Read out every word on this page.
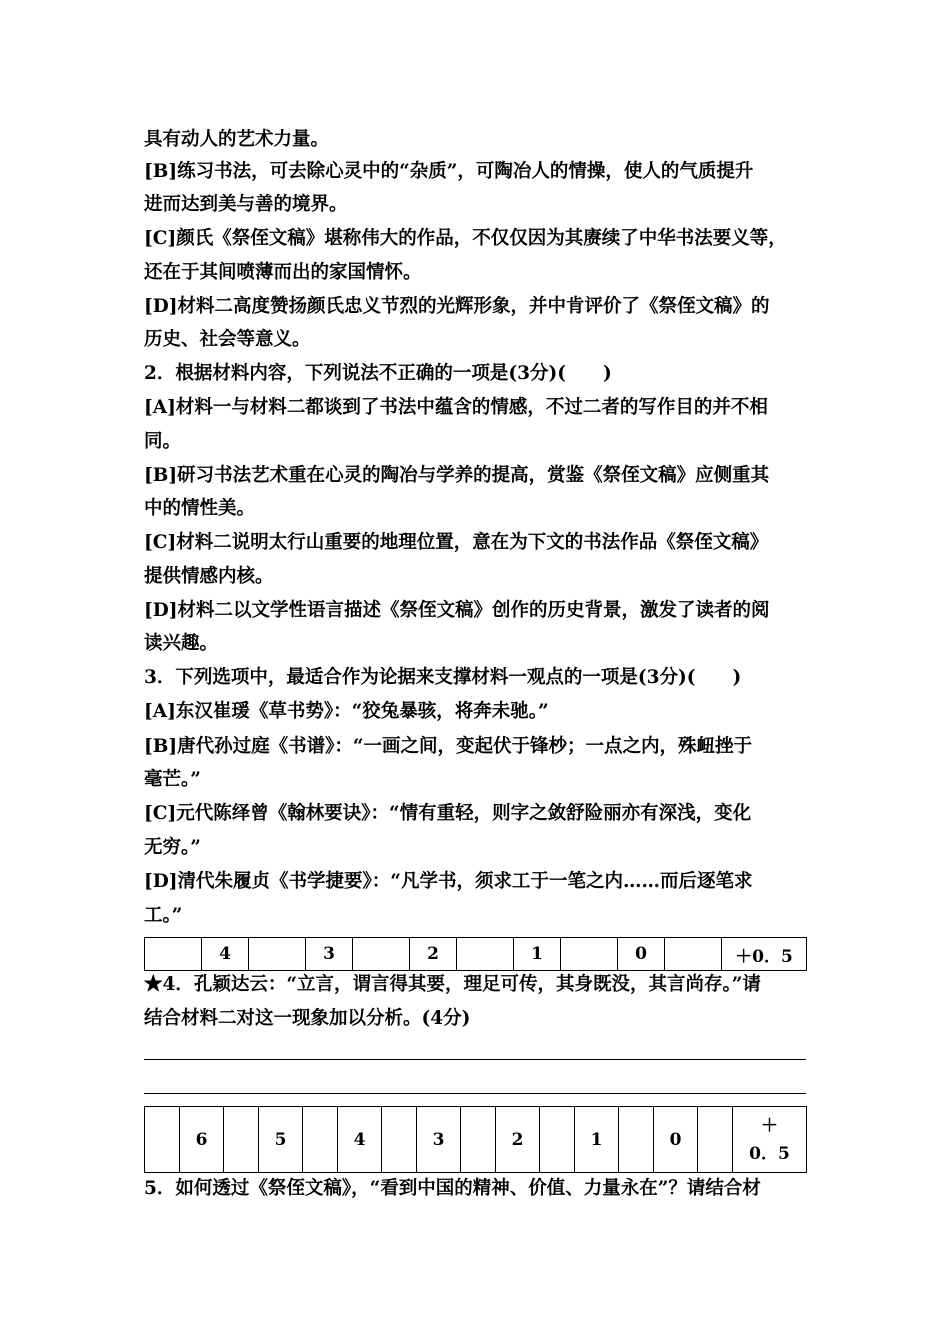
具有动人的艺术力量。
[B]练习书法，可去除心灵中的“杂质”，可陶冶人的情操，使人的气质提升
进而达到美与善的境界。
[C]颜氏《祭侄文稿》堪称伟大的作品，不仅仅因为其赓续了中华书法要义等，
还在于其间喷薄而出的家国情怀。
[D]材料二高度赞扬颜氏忠义节烈的光辉形象，并中肯评价了《祭侄文稿》的
历史、社会等意义。
2．根据材料内容，下列说法不正确的一项是(3分)(　　)
[A]材料一与材料二都谈到了书法中蕴含的情感，不过二者的写作目的并不相
同。
[B]研习书法艺术重在心灵的陶冶与学养的提高，赏鉴《祭侄文稿》应侧重其
中的情性美。
[C]材料二说明太行山重要的地理位置，意在为下文的书法作品《祭侄文稿》
提供情感内核。
[D]材料二以文学性语言描述《祭侄文稿》创作的历史背景，激发了读者的阅
读兴趣。
3．下列选项中，最适合作为论据来支撑材料一观点的一项是(3分)(　　)
[A]东汉崔瑗《草书势》：“狡兔暴骇，将奔未驰。”
[B]唐代孙过庭《书谱》：“一画之间，变起伏于锋杪；一点之内，殊衄挫于
毫芒。”
[C]元代陈绎曾《翰林要诀》：“情有重轻，则字之敛舒险丽亦有深浅，变化
无穷。”
[D]清代朱履贞《书学捷要》：“凡学书，须求工于一笔之内……而后逐笔求
工。”
	4		3		2		1		0		＋0．5
★4．孔颖达云：“立言，谓言得其要，理足可传，其身既没，其言尚存。”请
结合材料二对这一现象加以分析。(4分)
	6		5		4		3		2		1		0		
＋
0．5
5．如何透过《祭侄文稿》，“看到中国的精神、价值、力量永在”？请结合材
